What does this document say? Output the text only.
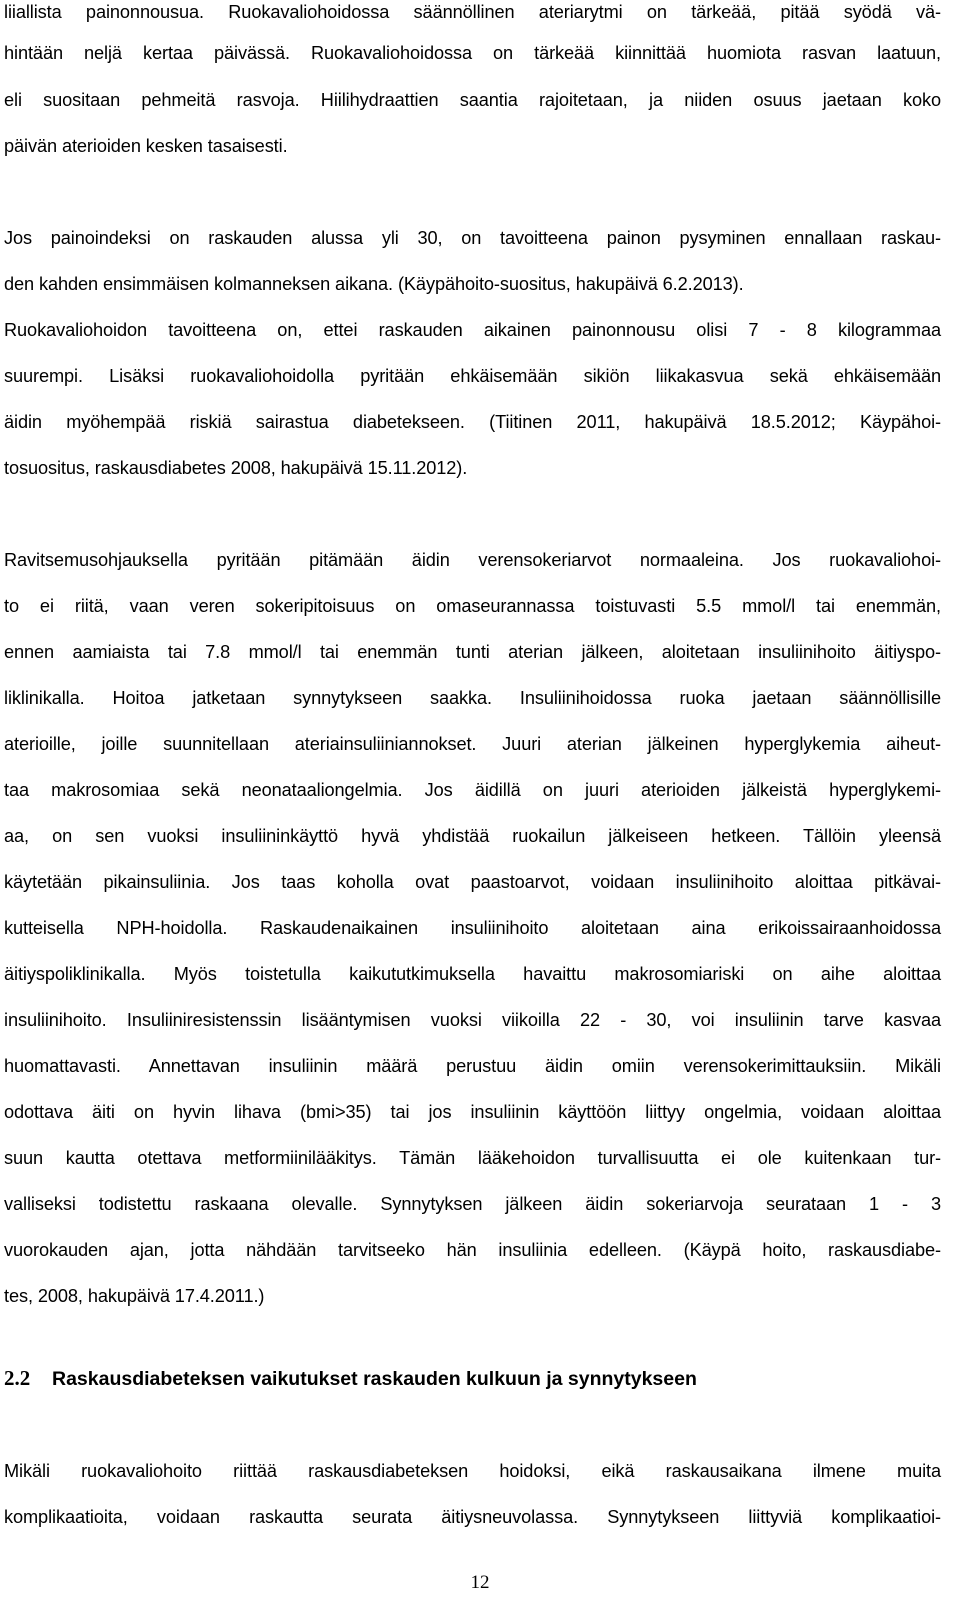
liiallista painonnousua. Ruokavaliohoidossa säännöllinen ateriarytmi on tärkeää, pitää syödä vä-
hintään neljä kertaa päivässä. Ruokavaliohoidossa on tärkeää kiinnittää huomiota rasvan laatuun,
eli suositaan pehmeitä rasvoja. Hiilihydraattien saantia rajoitetaan, ja niiden osuus jaetaan koko
päivän aterioiden kesken tasaisesti.
Jos painoindeksi on raskauden alussa yli 30, on tavoitteena painon pysyminen ennallaan raskau-
den kahden ensimmäisen kolmanneksen aikana. (Käypähoito-suositus, hakupäivä 6.2.2013).
Ruokavaliohoidon tavoitteena on, ettei raskauden aikainen painonnousu olisi 7 - 8 kilogrammaa
suurempi. Lisäksi ruokavaliohoidolla pyritään ehkäisemään sikiön liikakasvua sekä ehkäisemään
äidin myöhempää riskiä sairastua diabetekseen. (Tiitinen 2011, hakupäivä 18.5.2012; Käypähoi-
tosuositus, raskausdiabetes 2008, hakupäivä 15.11.2012).
Ravitsemusohjauksella pyritään pitämään äidin verensokeriarvot normaaleina. Jos ruokavaliohoi-
to ei riitä, vaan veren sokeripitoisuus on omaseurannassa toistuvasti 5.5 mmol/l tai enemmän,
ennen aamiaista tai 7.8 mmol/l tai enemmän tunti aterian jälkeen, aloitetaan insuliinihoito äitiyspo-
liklinikalla. Hoitoa jatketaan synnytykseen saakka. Insuliinihoidossa ruoka jaetaan säännöllisille
aterioille, joille suunnitellaan ateriainsuliiniannokset. Juuri aterian jälkeinen hyperglykemia aiheut-
taa makrosomiaa sekä neonataaliongelmia. Jos äidillä on juuri aterioiden jälkeistä hyperglykemi-
aa, on sen vuoksi insuliininkäyttö hyvä yhdistää ruokailun jälkeiseen hetkeen. Tällöin yleensä
käytetään pikainsuliinia. Jos taas koholla ovat paastoarvot, voidaan insuliinihoito aloittaa pitkävai-
kutteisella NPH-hoidolla. Raskaudenaikainen insuliinihoito aloitetaan aina erikoissairaanhoidossa
äitiyspoliklinikalla. Myös toistetulla kaikututkimuksella havaittu makrosomiariski on aihe aloittaa
insuliinihoito. Insuliiniresistenssin lisääntymisen vuoksi viikoilla 22 - 30, voi insuliinin tarve kasvaa
huomattavasti. Annettavan insuliinin määrä perustuu äidin omiin verensokerimittauksiin. Mikäli
odottava äiti on hyvin lihava (bmi>35) tai jos insuliinin käyttöön liittyy ongelmia, voidaan aloittaa
suun kautta otettava metformiinilääkitys. Tämän lääkehoidon turvallisuutta ei ole kuitenkaan tur-
valliseksi todistettu raskaana olevalle. Synnytyksen jälkeen äidin sokeriarvoja seurataan 1 - 3
vuorokauden ajan, jotta nähdään tarvitseeko hän insuliinia edelleen. (Käypä hoito, raskausdiabe-
tes, 2008, hakupäivä 17.4.2011.)
2.2 Raskausdiabeteksen vaikutukset raskauden kulkuun ja synnytykseen
Mikäli ruokavaliohoito riittää raskausdiabeteksen hoidoksi, eikä raskausaikana ilmene muita
komplikaatioita, voidaan raskautta seurata äitiysneuvolassa. Synnytykseen liittyviä komplikaatioi-
12
